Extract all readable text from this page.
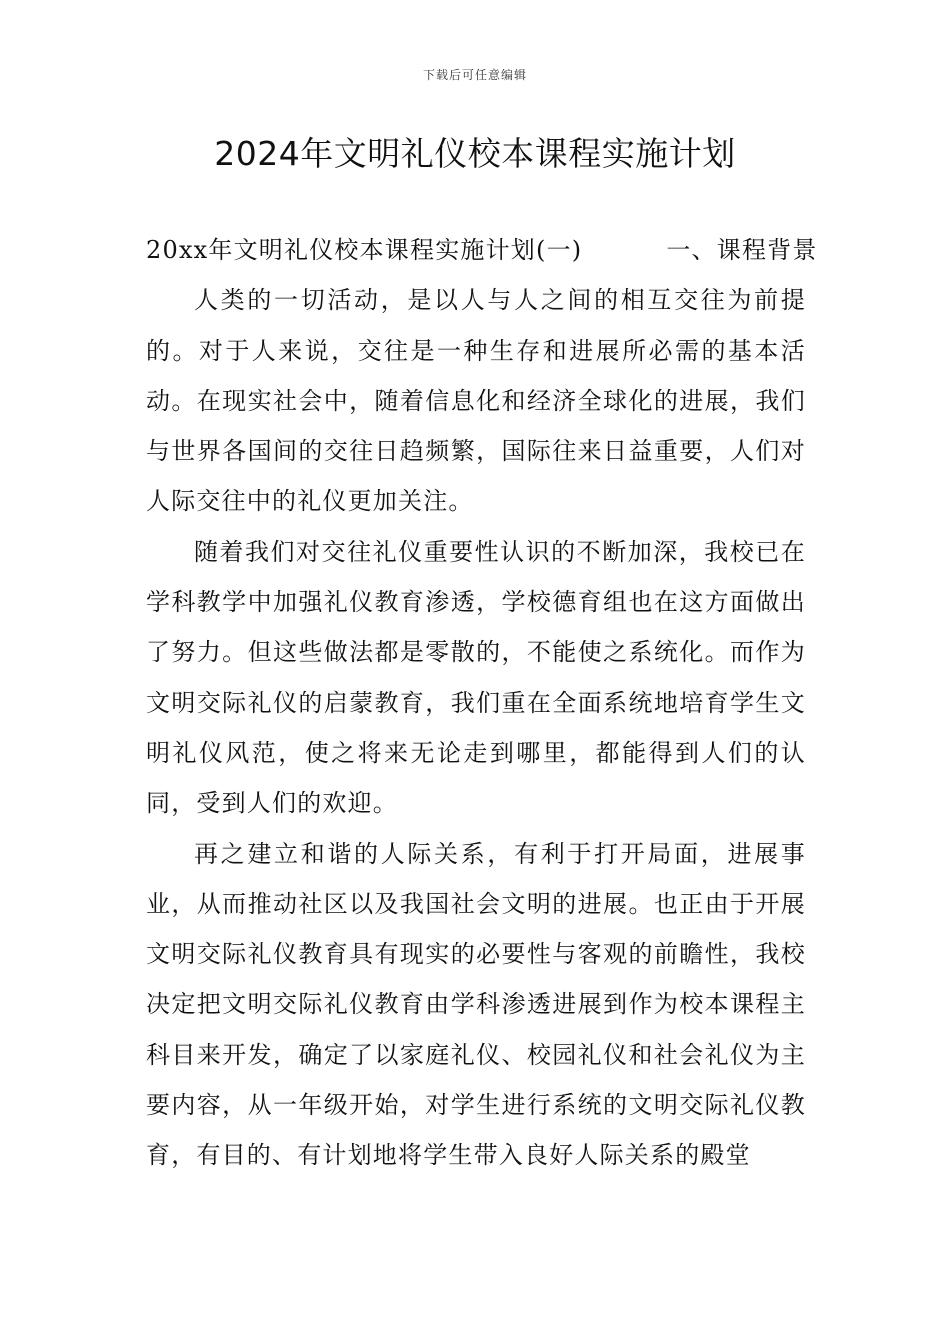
下载后可任意编辑
2024年文明礼仪校本课程实施计划

20xx年文明礼仪校本课程实施计划(一)	一、课程背景

人类的一切活动，是以人与人之间的相互交往为前提的。对于人来说，交往是一种生存和进展所必需的基本活动。在现实社会中，随着信息化和经济全球化的进展，我们与世界各国间的交往日趋频繁，国际往来日益重要，人们对人际交往中的礼仪更加关注。

随着我们对交往礼仪重要性认识的不断加深，我校已在学科教学中加强礼仪教育渗透，学校德育组也在这方面做出了努力。但这些做法都是零散的，不能使之系统化。而作为文明交际礼仪的启蒙教育，我们重在全面系统地培育学生文明礼仪风范，使之将来无论走到哪里，都能得到人们的认同，受到人们的欢迎。

再之建立和谐的人际关系，有利于打开局面，进展事业，从而推动社区以及我国社会文明的进展。也正由于开展文明交际礼仪教育具有现实的必要性与客观的前瞻性，我校决定把文明交际礼仪教育由学科渗透进展到作为校本课程主科目来开发，确定了以家庭礼仪、校园礼仪和社会礼仪为主要内容，从一年级开始，对学生进行系统的文明交际礼仪教育，有目的、有计划地将学生带入良好人际关系的殿堂
